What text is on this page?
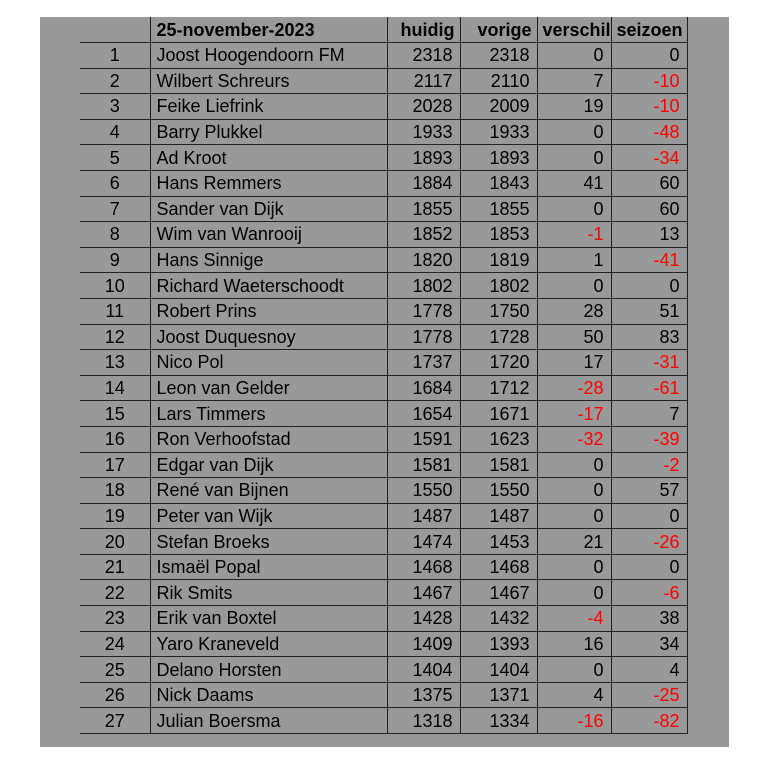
	25-november-2023	huidig	vorige	verschil	seizoen
1	Joost Hoogendoorn FM	2318	2318	0	0
2	Wilbert Schreurs	2117	2110	7	-10
3	Feike Liefrink	2028	2009	19	-10
4	Barry Plukkel	1933	1933	0	-48
5	Ad Kroot	1893	1893	0	-34
6	Hans Remmers	1884	1843	41	60
7	Sander van Dijk	1855	1855	0	60
8	Wim van Wanrooij	1852	1853	-1	13
9	Hans Sinnige	1820	1819	1	-41
10	Richard Waeterschoodt	1802	1802	0	0
11	Robert Prins	1778	1750	28	51
12	Joost Duquesnoy	1778	1728	50	83
13	Nico Pol	1737	1720	17	-31
14	Leon van Gelder	1684	1712	-28	-61
15	Lars Timmers	1654	1671	-17	7
16	Ron Verhoofstad	1591	1623	-32	-39
17	Edgar van Dijk	1581	1581	0	-2
18	René van Bijnen	1550	1550	0	57
19	Peter van Wijk	1487	1487	0	0
20	Stefan Broeks	1474	1453	21	-26
21	Ismaël Popal	1468	1468	0	0
22	Rik Smits	1467	1467	0	-6
23	Erik van Boxtel	1428	1432	-4	38
24	Yaro Kraneveld	1409	1393	16	34
25	Delano Horsten	1404	1404	0	4
26	Nick Daams	1375	1371	4	-25
27	Julian Boersma	1318	1334	-16	-82
